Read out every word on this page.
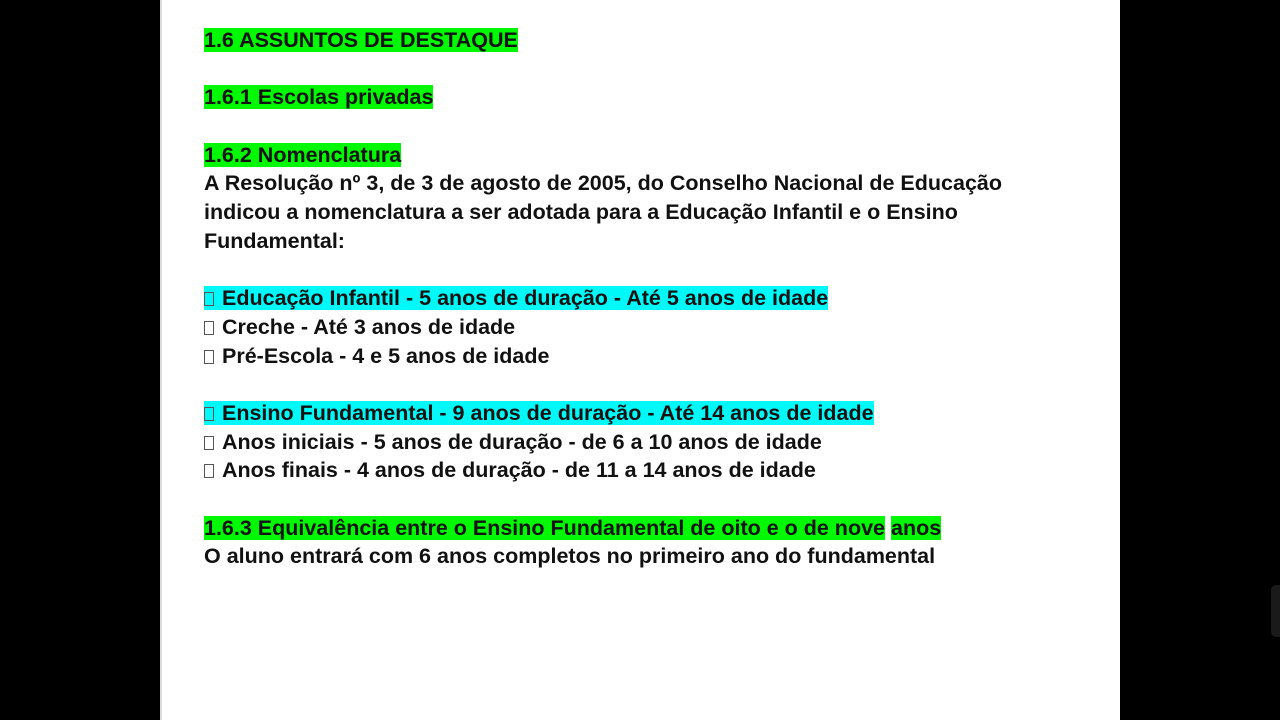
1.6 ASSUNTOS DE DESTAQUE
1.6.1 Escolas privadas
1.6.2 Nomenclatura
A Resolução nº 3, de 3 de agosto de 2005, do Conselho Nacional de Educação
indicou a nomenclatura a ser adotada para a Educação Infantil e o Ensino
Fundamental:
Educação Infantil - 5 anos de duração - Até 5 anos de idade
Creche - Até 3 anos de idade
Pré-Escola - 4 e 5 anos de idade
Ensino Fundamental - 9 anos de duração - Até 14 anos de idade
Anos iniciais - 5 anos de duração - de 6 a 10 anos de idade
Anos finais - 4 anos de duração - de 11 a 14 anos de idade
1.6.3 Equivalência entre o Ensino Fundamental de oito e o de nove anos
O aluno entrará com 6 anos completos no primeiro ano do fundamental
